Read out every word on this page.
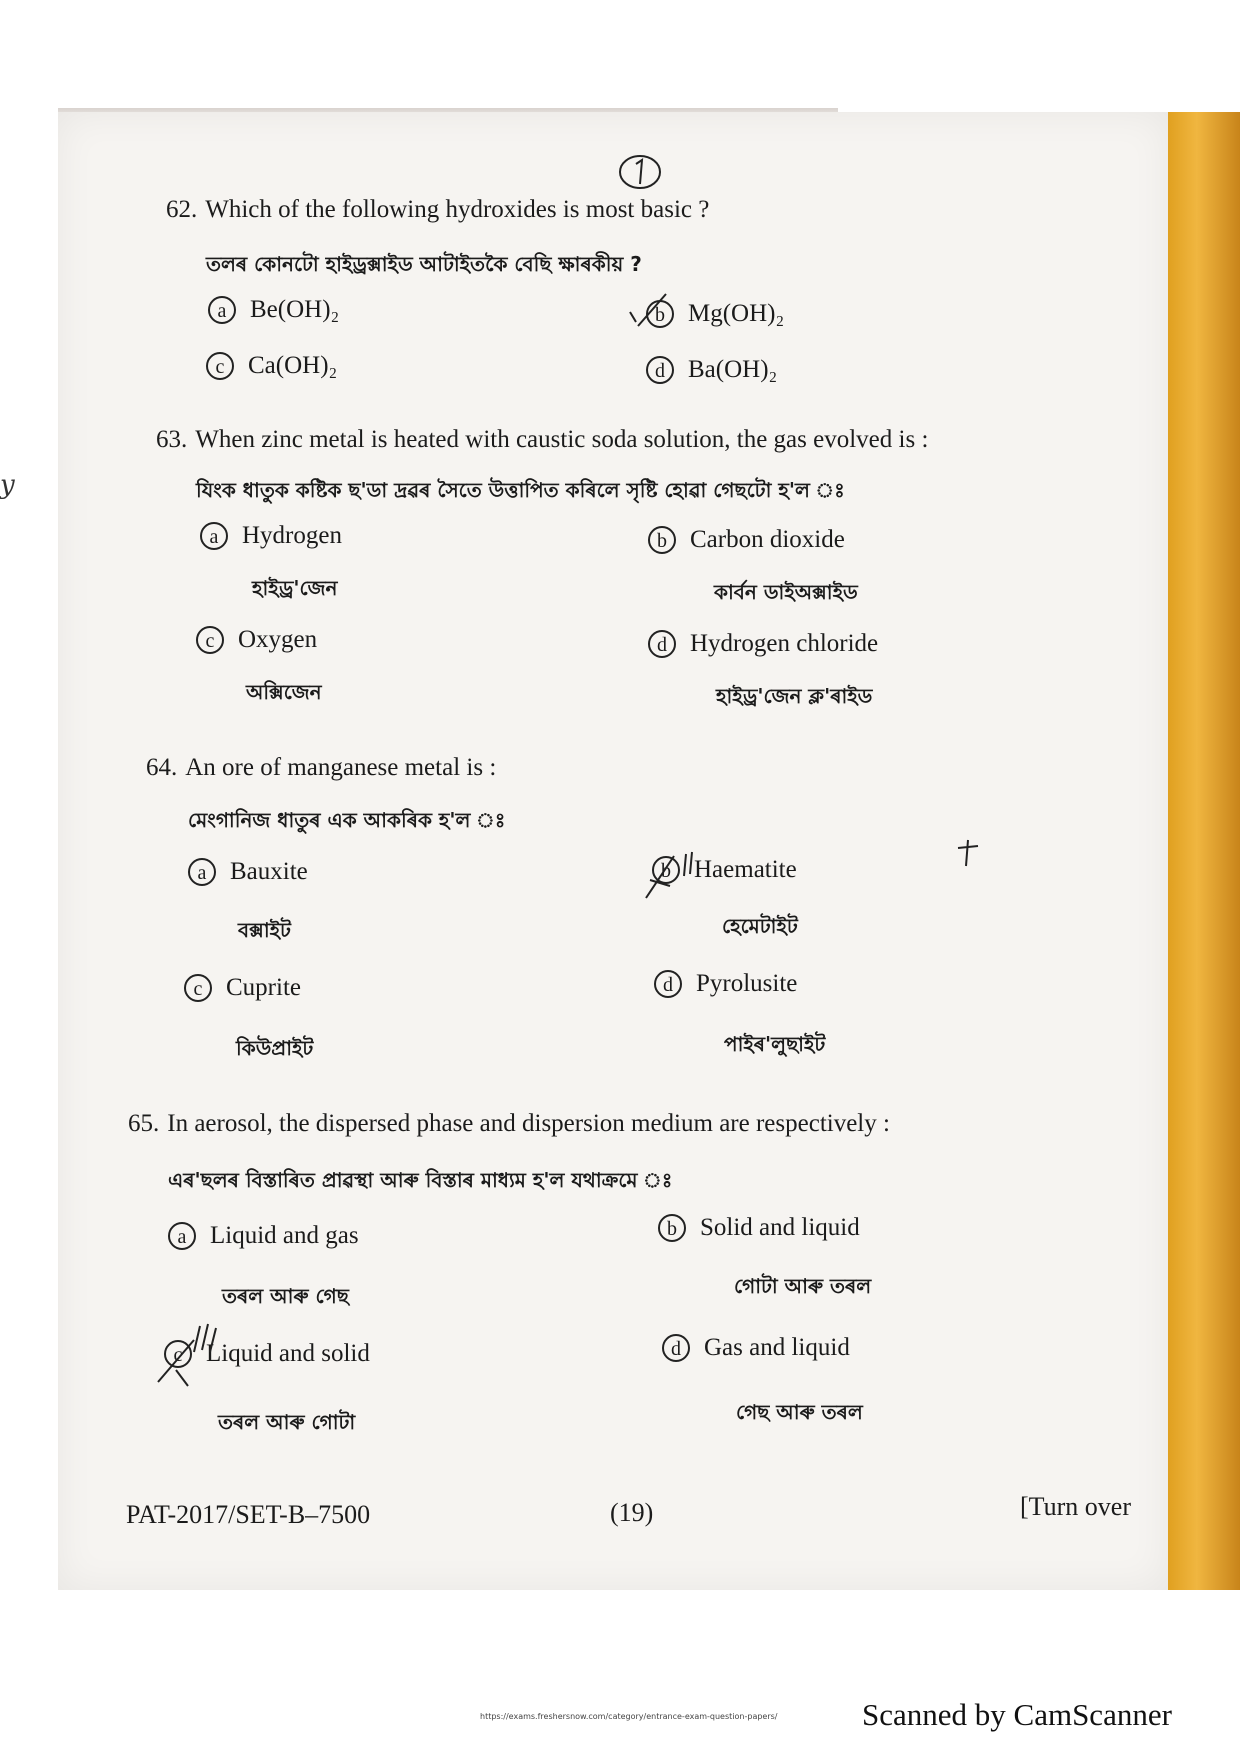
y
62. Which of the following hydroxides is most basic ?
তলৰ কোনটো হাইড্ৰক্সাইড আটাইতকৈ বেছি ক্ষাৰকীয় ?
a Be(OH)₂	b Mg(OH)₂
c Ca(OH)₂	d Ba(OH)₂
63. When zinc metal is heated with caustic soda solution, the gas evolved is :
যিংক ধাতুক কষ্টিক ছ'ডা দ্ৰৱৰ সৈতে উত্তাপিত কৰিলে সৃষ্টি হোৱা গেছটো হ'ল ঃ
a Hydrogen
হাইড্ৰ'জেন
b Carbon dioxide
কাৰ্বন ডাইঅক্সাইড
c Oxygen
অক্সিজেন
d Hydrogen chloride
হাইড্ৰ'জেন ক্ল'ৰাইড
64. An ore of manganese metal is :
মেংগানিজ ধাতুৰ এক আকৰিক হ'ল ঃ
a Bauxite
বক্সাইট
b Haematite
হেমেটাইট
c Cuprite
কিউপ্ৰাইট
d Pyrolusite
পাইৰ'লুছাইট
65. In aerosol, the dispersed phase and dispersion medium are respectively :
এৰ'ছলৰ বিস্তাৰিত প্ৰাৱস্থা আৰু বিস্তাৰ মাধ্যম হ'ল যথাক্ৰমে ঃ
a Liquid and gas
তৰল আৰু গেছ
b Solid and liquid
গোটা আৰু তৰল
c Liquid and solid
তৰল আৰু গোটা
d Gas and liquid
গেছ আৰু তৰল
PAT-2017/SET-B–7500	(19)	[Turn over
https://exams.freshersnow.com/category/entrance-exam-question-papers/	Scanned by CamScanner
